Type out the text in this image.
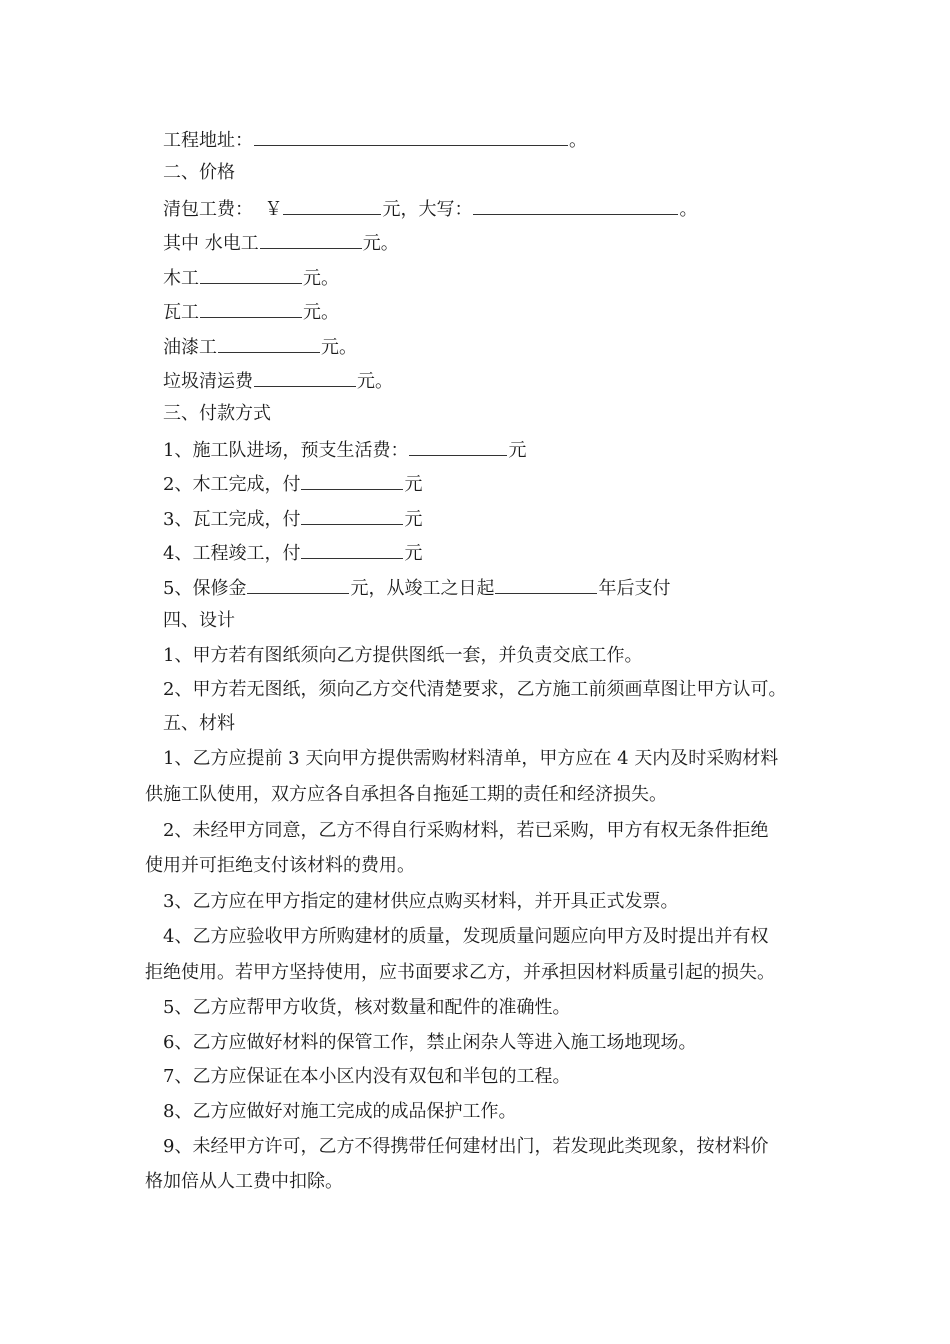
工程地址：	。
二、价格
清包工费： ￥	元，大写：	。
其中 水电工	元。
木工	元。
瓦工	元。
油漆工	元。
垃圾清运费	元。
三、付款方式
1、施工队进场，预支生活费：	元
2、木工完成，付	元
3、瓦工完成，付	元
4、工程竣工，付	元
5、保修金	元，从竣工之日起	年后支付
四、设计
1、甲方若有图纸须向乙方提供图纸一套，并负责交底工作。
2、甲方若无图纸，须向乙方交代清楚要求，乙方施工前须画草图让甲方认可。
五、材料
1、乙方应提前 3 天向甲方提供需购材料清单，甲方应在 4 天内及时采购材料
供施工队使用，双方应各自承担各自拖延工期的责任和经济损失。
2、未经甲方同意，乙方不得自行采购材料，若已采购，甲方有权无条件拒绝
使用并可拒绝支付该材料的费用。
3、乙方应在甲方指定的建材供应点购买材料，并开具正式发票。
4、乙方应验收甲方所购建材的质量，发现质量问题应向甲方及时提出并有权
拒绝使用。若甲方坚持使用，应书面要求乙方，并承担因材料质量引起的损失。
5、乙方应帮甲方收货，核对数量和配件的准确性。
6、乙方应做好材料的保管工作，禁止闲杂人等进入施工场地现场。
7、乙方应保证在本小区内没有双包和半包的工程。
8、乙方应做好对施工完成的成品保护工作。
9、未经甲方许可，乙方不得携带任何建材出门，若发现此类现象，按材料价
格加倍从人工费中扣除。
